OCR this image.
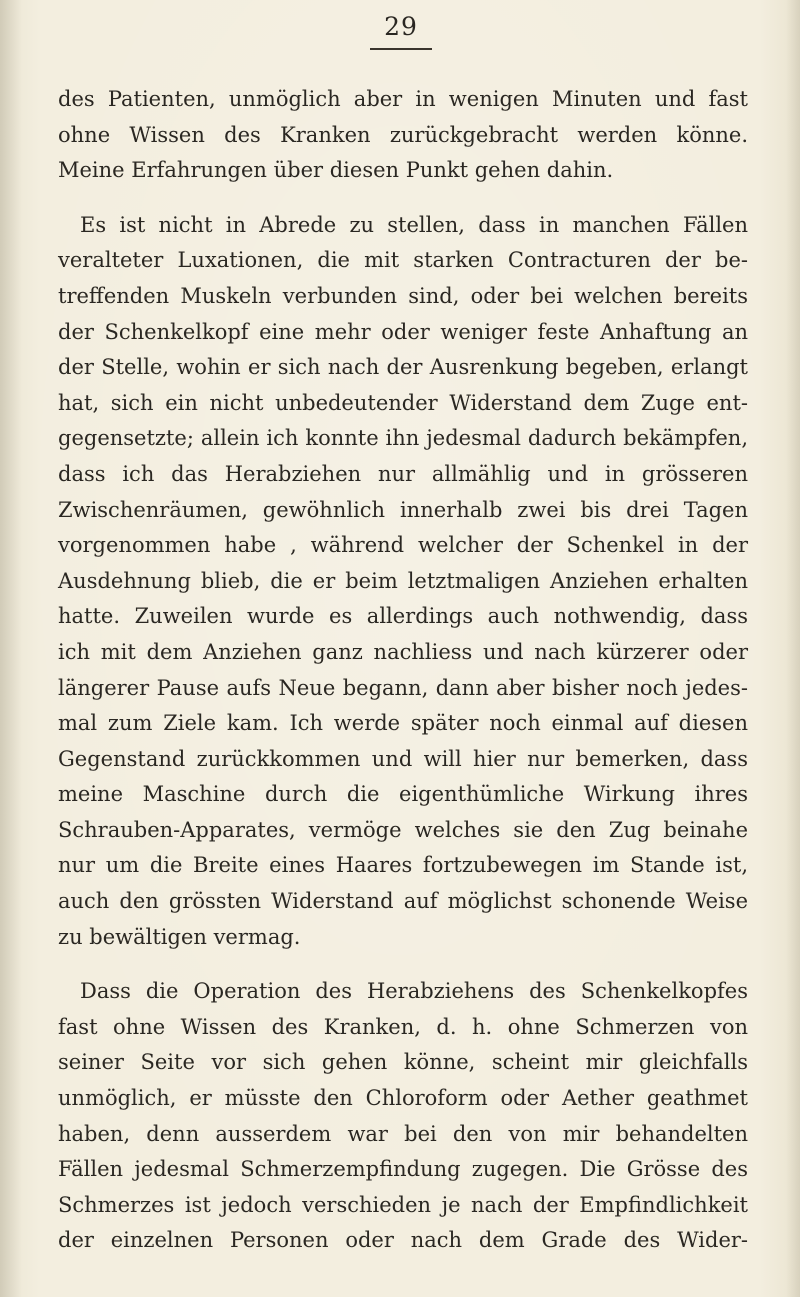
29
des Patienten, unmöglich aber in wenigen Minuten und fast
ohne Wissen des Kranken zurückgebracht werden könne.
Meine Erfahrungen über diesen Punkt gehen dahin.
Es ist nicht in Abrede zu stellen, dass in manchen Fällen
veralteter Luxationen, die mit starken Contracturen der be-
treffenden Muskeln verbunden sind, oder bei welchen bereits
der Schenkelkopf eine mehr oder weniger feste Anhaftung an
der Stelle, wohin er sich nach der Ausrenkung begeben, erlangt
hat, sich ein nicht unbedeutender Widerstand dem Zuge ent-
gegensetzte; allein ich konnte ihn jedesmal dadurch bekämpfen,
dass ich das Herabziehen nur allmählig und in grösseren
Zwischenräumen, gewöhnlich innerhalb zwei bis drei Tagen
vorgenommen habe , während welcher der Schenkel in der
Ausdehnung blieb, die er beim letztmaligen Anziehen erhalten
hatte. Zuweilen wurde es allerdings auch nothwendig, dass
ich mit dem Anziehen ganz nachliess und nach kürzerer oder
längerer Pause aufs Neue begann, dann aber bisher noch jedes-
mal zum Ziele kam. Ich werde später noch einmal auf diesen
Gegenstand zurückkommen und will hier nur bemerken, dass
meine Maschine durch die eigenthümliche Wirkung ihres
Schrauben-Apparates, vermöge welches sie den Zug beinahe
nur um die Breite eines Haares fortzubewegen im Stande ist,
auch den grössten Widerstand auf möglichst schonende Weise
zu bewältigen vermag.
Dass die Operation des Herabziehens des Schenkelkopfes
fast ohne Wissen des Kranken, d. h. ohne Schmerzen von
seiner Seite vor sich gehen könne, scheint mir gleichfalls
unmöglich, er müsste den Chloroform oder Aether geathmet
haben, denn ausserdem war bei den von mir behandelten
Fällen jedesmal Schmerzempfindung zugegen. Die Grösse des
Schmerzes ist jedoch verschieden je nach der Empfindlichkeit
der einzelnen Personen oder nach dem Grade des Wider-
